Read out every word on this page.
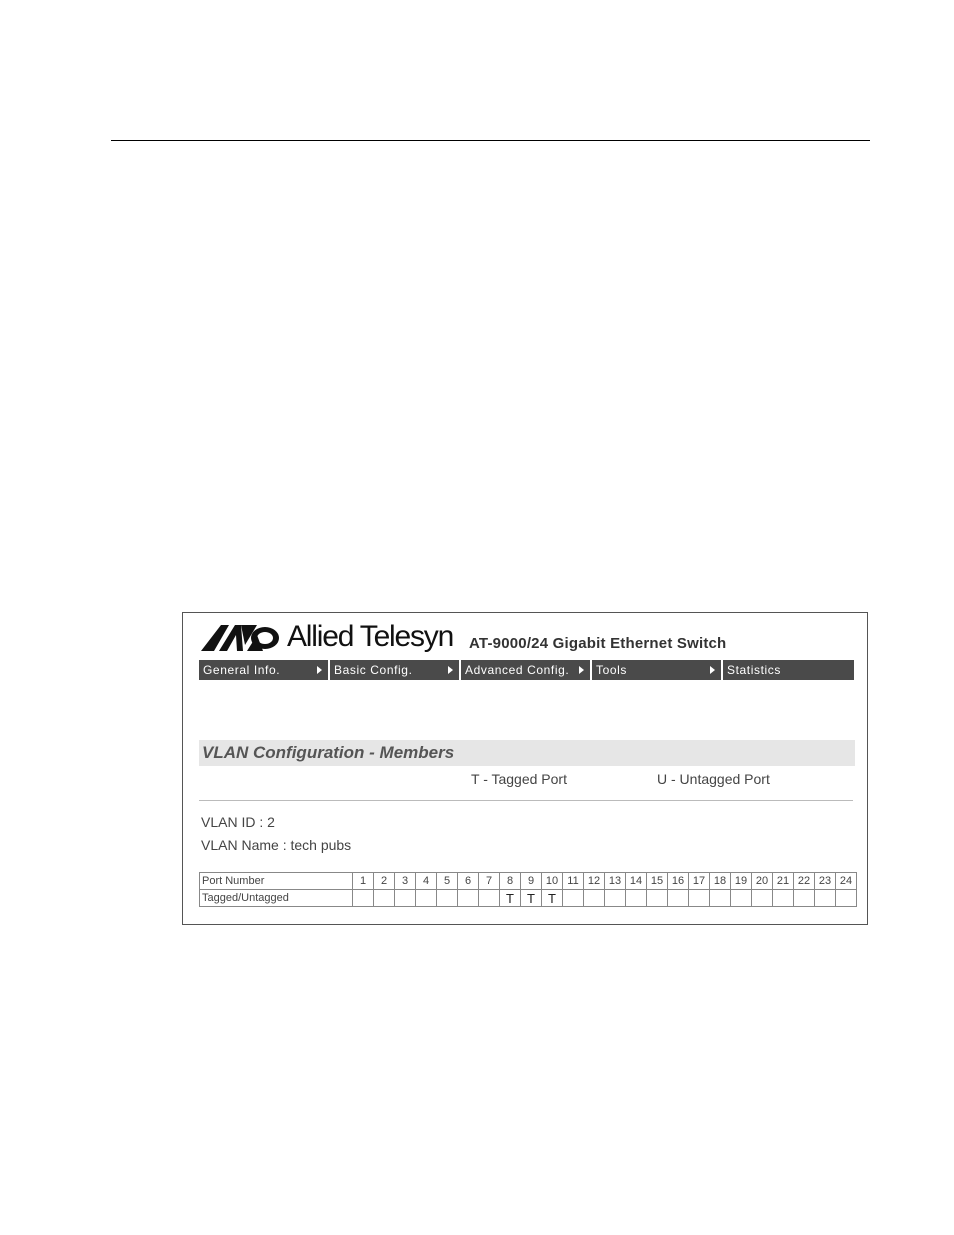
Allied Telesyn AT-9000/24 Gigabit Ethernet Switch
General Info.	Basic Config.	Advanced Config.	Tools	Statistics
VLAN Configuration - Members
T - Tagged Port	U - Untagged Port
VLAN ID : 2
VLAN Name : tech pubs
Port Number	1	2	3	4	5	6	7	8	9	10	11	12	13	14	15	16	17	18	19	20	21	22	23	24
Tagged/Untagged								T	T	T														
